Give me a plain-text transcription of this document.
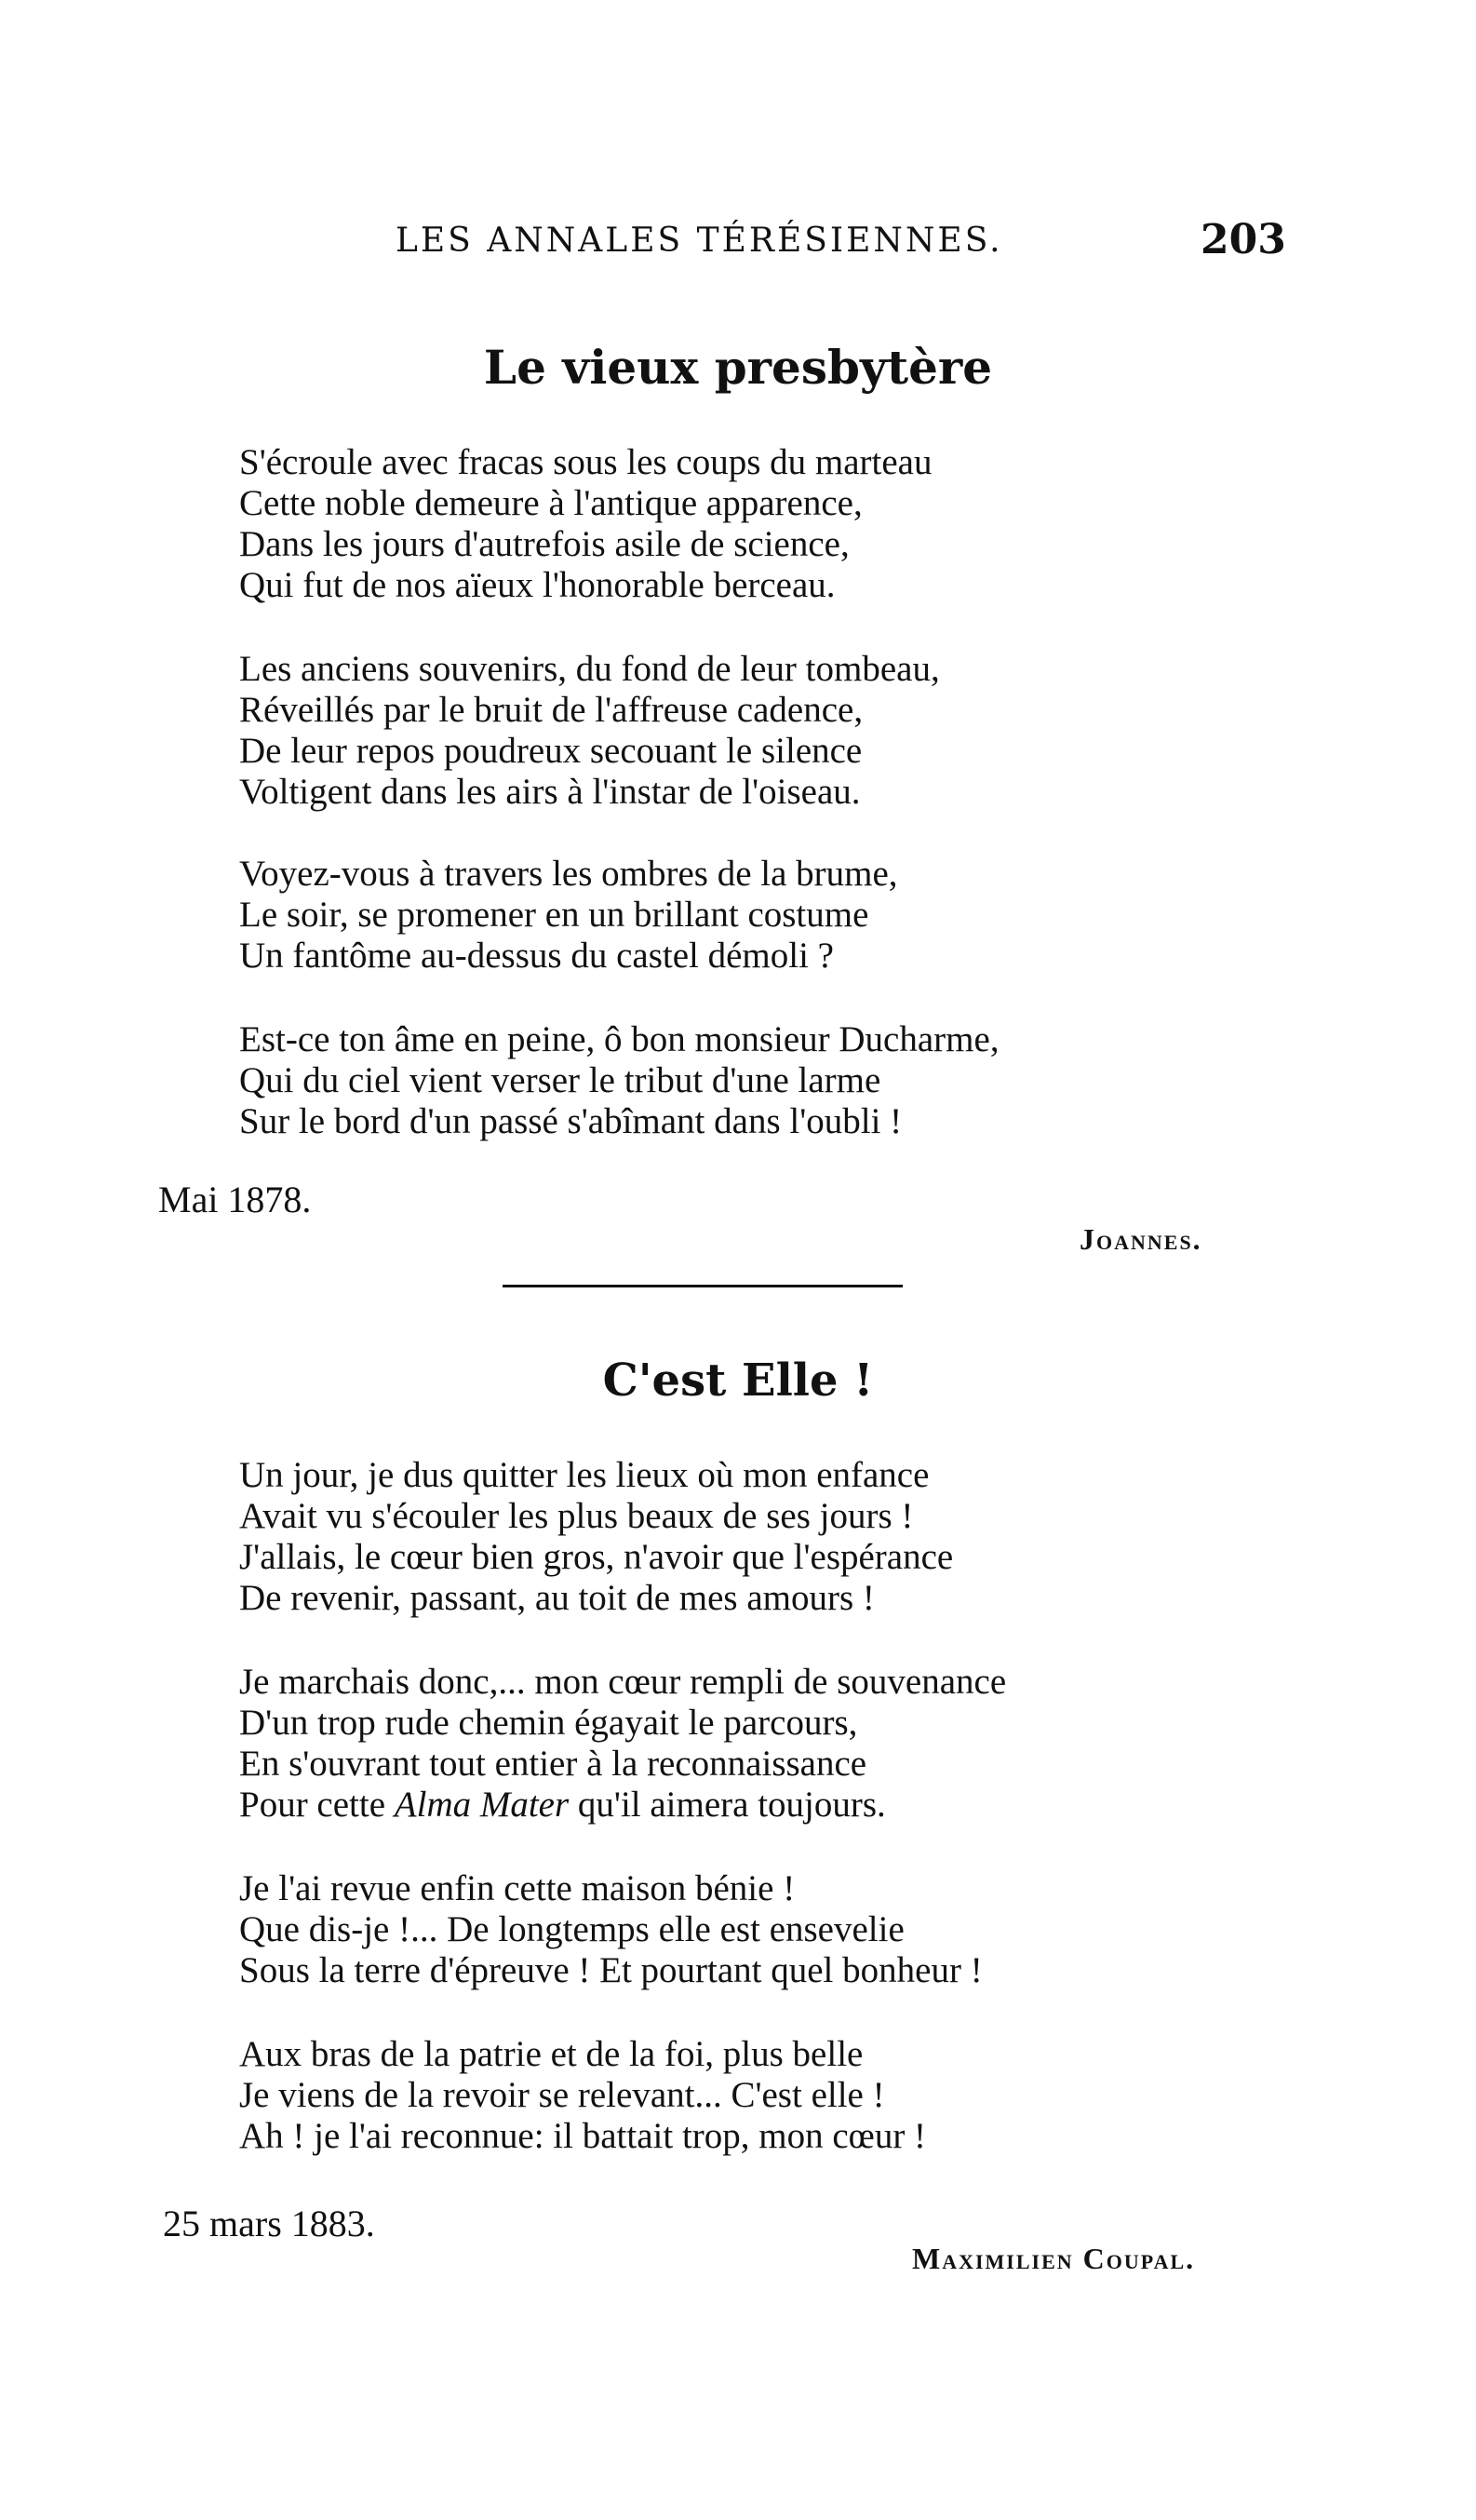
LES ANNALES TÉRÉSIENNES.	203
Le vieux presbytère
S'écroule avec fracas sous les coups du marteau
Cette noble demeure à l'antique apparence,
Dans les jours d'autrefois asile de science,
Qui fut de nos aïeux l'honorable berceau.
Les anciens souvenirs, du fond de leur tombeau,
Réveillés par le bruit de l'affreuse cadence,
De leur repos poudreux secouant le silence
Voltigent dans les airs à l'instar de l'oiseau.
Voyez-vous à travers les ombres de la brume,
Le soir, se promener en un brillant costume
Un fantôme au-dessus du castel démoli ?
Est-ce ton âme en peine, ô bon monsieur Ducharme,
Qui du ciel vient verser le tribut d'une larme
Sur le bord d'un passé s'abîmant dans l'oubli !
Mai 1878.
Joannes.
C'est Elle !
Un jour, je dus quitter les lieux où mon enfance
Avait vu s'écouler les plus beaux de ses jours !
J'allais, le cœur bien gros, n'avoir que l'espérance
De revenir, passant, au toit de mes amours !
Je marchais donc,... mon cœur rempli de souvenance
D'un trop rude chemin égayait le parcours,
En s'ouvrant tout entier à la reconnaissance
Pour cette Alma Mater qu'il aimera toujours.
Je l'ai revue enfin cette maison bénie !
Que dis-je !... De longtemps elle est ensevelie
Sous la terre d'épreuve ! Et pourtant quel bonheur !
Aux bras de la patrie et de la foi, plus belle
Je viens de la revoir se relevant... C'est elle !
Ah ! je l'ai reconnue: il battait trop, mon cœur !
25 mars 1883.
Maximilien Coupal.
